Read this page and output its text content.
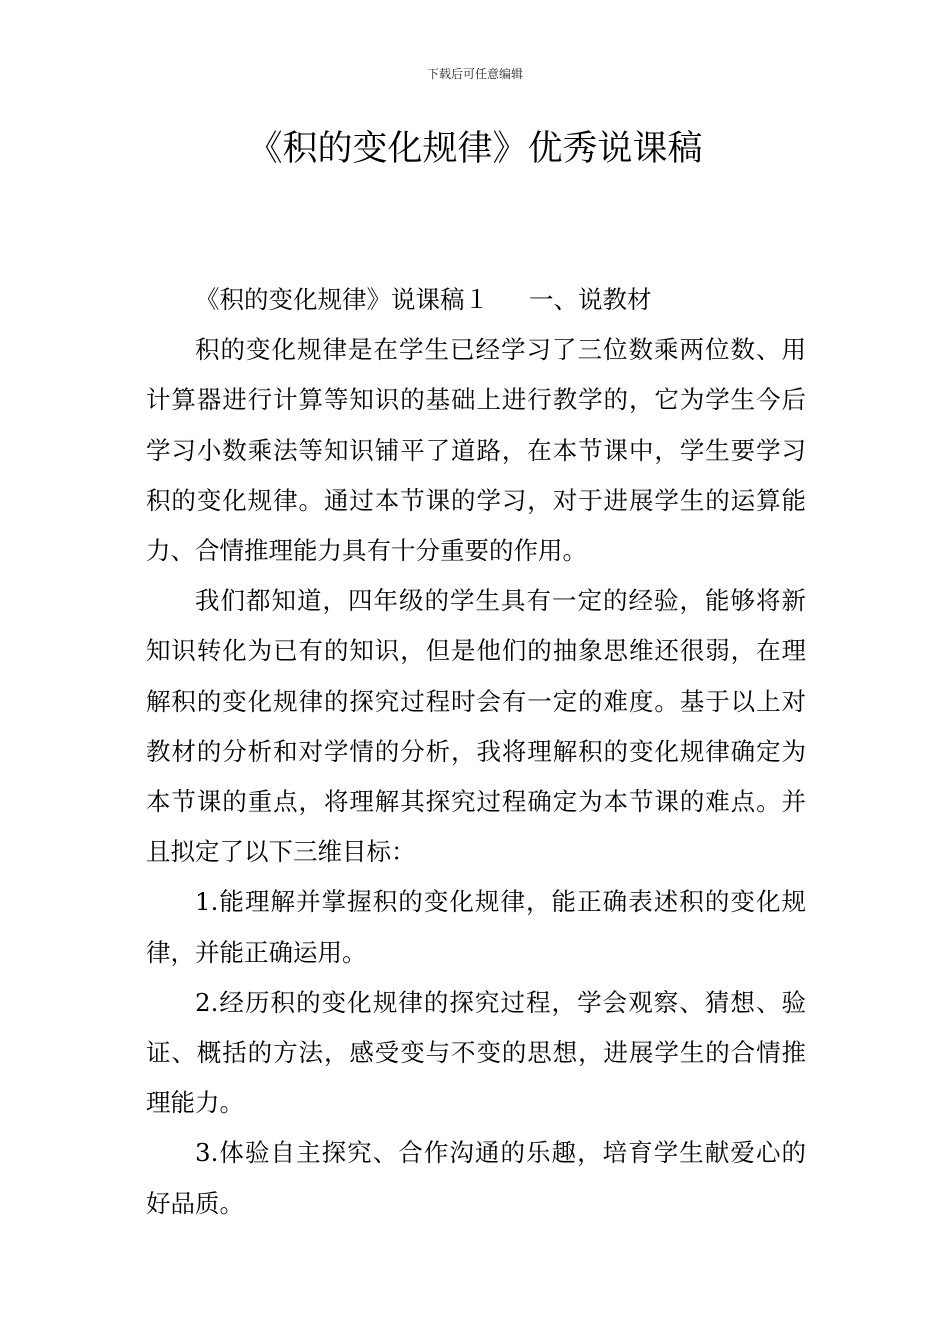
下载后可任意编辑
《积的变化规律》优秀说课稿
《积的变化规律》说课稿１ 一、说教材

积的变化规律是在学生已经学习了三位数乘两位数、用计算器进行计算等知识的基础上进行教学的，它为学生今后学习小数乘法等知识铺平了道路，在本节课中，学生要学习积的变化规律。通过本节课的学习，对于进展学生的运算能力、合情推理能力具有十分重要的作用。

我们都知道，四年级的学生具有一定的经验，能够将新知识转化为已有的知识，但是他们的抽象思维还很弱，在理解积的变化规律的探究过程时会有一定的难度。基于以上对教材的分析和对学情的分析，我将理解积的变化规律确定为本节课的重点，将理解其探究过程确定为本节课的难点。并且拟定了以下三维目标：

1.能理解并掌握积的变化规律，能正确表述积的变化规律，并能正确运用。

2.经历积的变化规律的探究过程，学会观察、猜想、验证、概括的方法，感受变与不变的思想，进展学生的合情推理能力。

3.体验自主探究、合作沟通的乐趣，培育学生献爱心的好品质。
